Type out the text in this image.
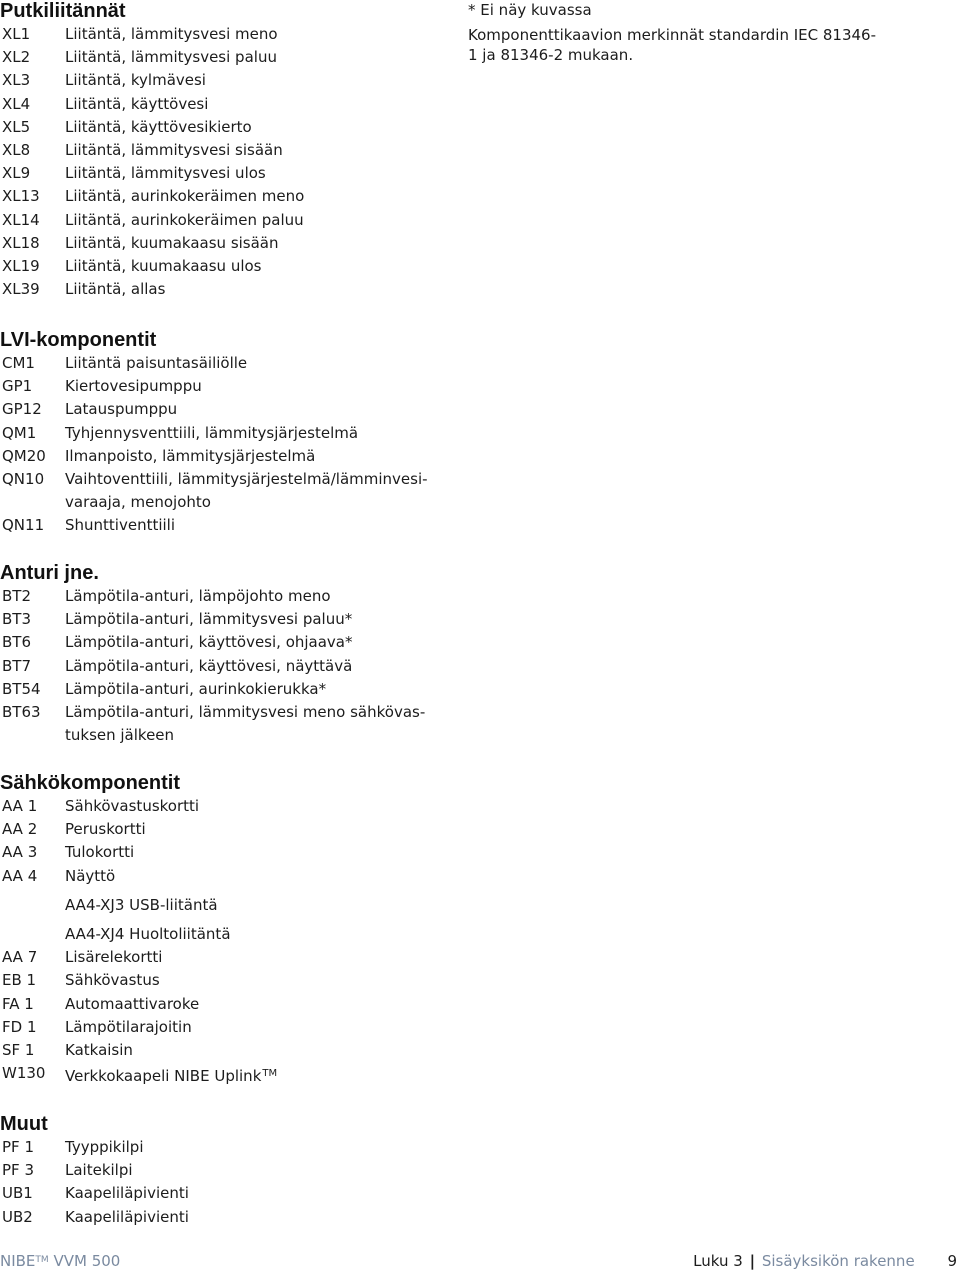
Putkiliitännät
XL1	Liitäntä, lämmitysvesi meno
XL2	Liitäntä, lämmitysvesi paluu
XL3	Liitäntä, kylmävesi
XL4	Liitäntä, käyttövesi
XL5	Liitäntä, käyttövesikierto
XL8	Liitäntä, lämmitysvesi sisään
XL9	Liitäntä, lämmitysvesi ulos
XL13	Liitäntä, aurinkokeräimen meno
XL14	Liitäntä, aurinkokeräimen paluu
XL18	Liitäntä, kuumakaasu sisään
XL19	Liitäntä, kuumakaasu ulos
XL39	Liitäntä, allas
LVI-komponentit
CM1	Liitäntä paisuntasäiliölle
GP1	Kiertovesipumppu
GP12	Latauspumppu
QM1	Tyhjennysventtiili, lämmitysjärjestelmä
QM20	Ilmanpoisto, lämmitysjärjestelmä
QN10	Vaihtoventtiili, lämmitysjärjestelmä/lämminvesi-
varaaja, menojohto
QN11	Shunttiventtiili
Anturi jne.
BT2	Lämpötila-anturi, lämpöjohto meno
BT3	Lämpötila-anturi, lämmitysvesi paluu*
BT6	Lämpötila-anturi, käyttövesi, ohjaava*
BT7	Lämpötila-anturi, käyttövesi, näyttävä
BT54	Lämpötila-anturi, aurinkokierukka*
BT63	Lämpötila-anturi, lämmitysvesi meno sähkövas-
tuksen jälkeen
Sähkökomponentit
AA 1	Sähkövastuskortti
AA 2	Peruskortti
AA 3	Tulokortti
AA 4	Näyttö
AA4-XJ3 USB-liitäntä
AA4-XJ4 Huoltoliitäntä
AA 7	Lisärelekortti
EB 1	Sähkövastus
FA 1	Automaattivaroke
FD 1	Lämpötilarajoitin
SF 1	Katkaisin
W130	Verkkokaapeli NIBE Uplink™
Muut
PF 1	Tyyppikilpi
PF 3	Laitekilpi
UB1	Kaapeliläpivienti
UB2	Kaapeliläpivienti
* Ei näy kuvassa
Komponenttikaavion merkinnät standardin IEC 81346-
1 ja 81346-2 mukaan.
NIBE™ VVM 500	Luku 3 | Sisäyksikön rakenne 9
